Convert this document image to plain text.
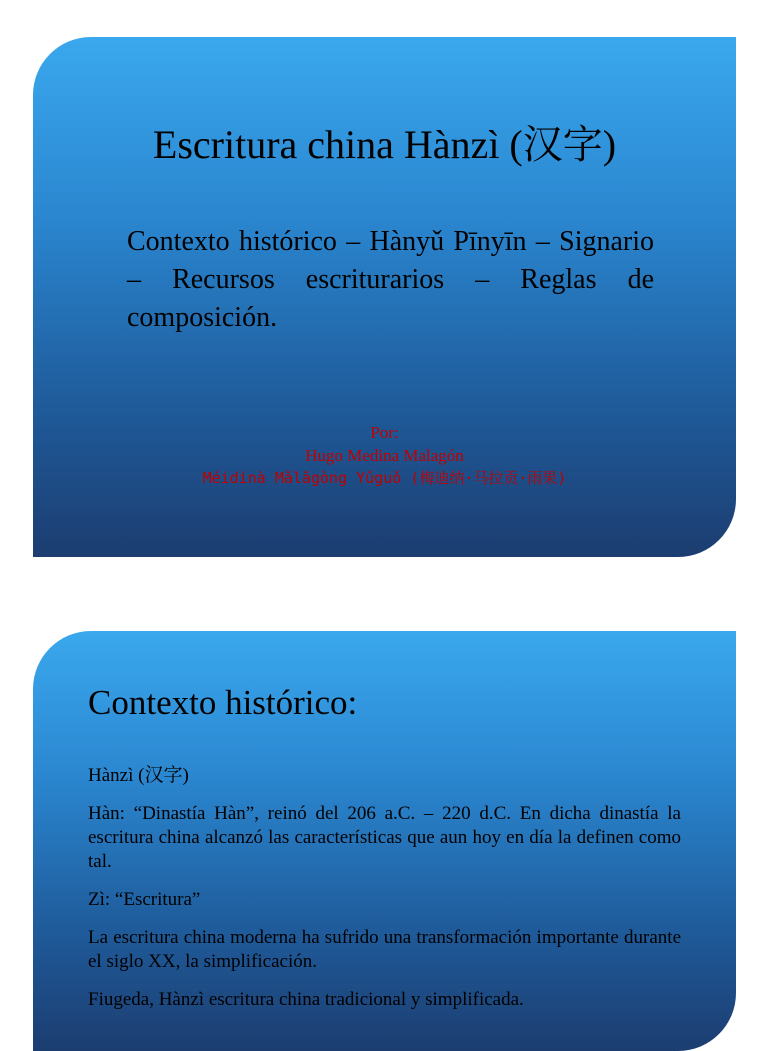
Escritura china Hànzì (汉字)
Contexto histórico – Hànyǔ Pīnyīn – Signario – Recursos escriturarios – Reglas de composición.
Por:
Hugo Medina Malagón
Méidinà Mǎlāgòng Yǔguǒ (梅迪纳·马拉贡·雨果)
Contexto histórico:

Hànzì (汉字)

Hàn: “Dinastía Hàn”, reinó del 206 a.C. – 220 d.C. En dicha dinastía la escritura china alcanzó las características que aun hoy en día la definen como tal.

Zì: “Escritura”

La escritura china moderna ha sufrido una transformación importante durante el siglo XX, la simplificación.

Fiugeda, Hànzì escritura china tradicional y simplificada.
